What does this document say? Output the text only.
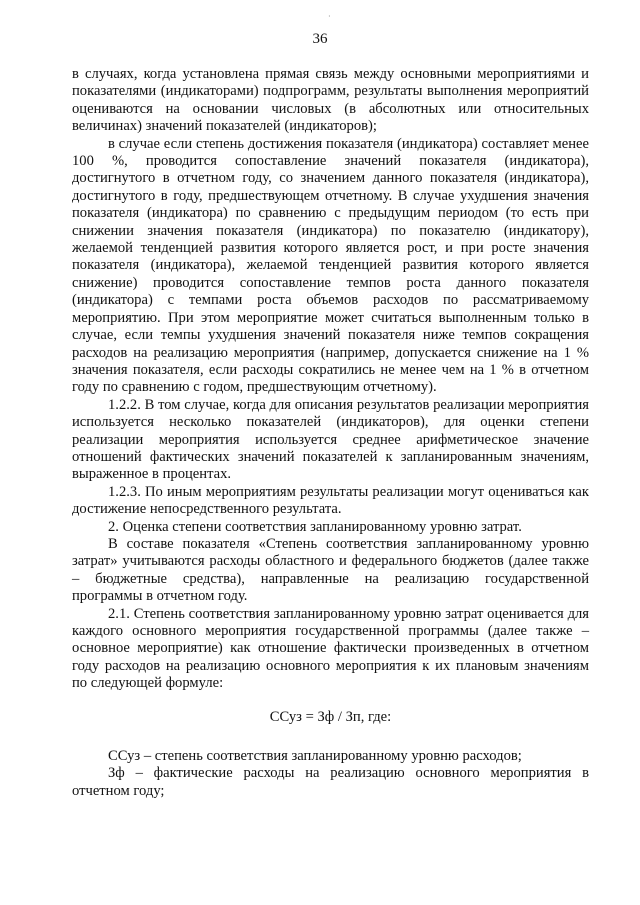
·
36

в случаях, когда установлена прямая связь между основными мероприятиями и показателями (индикаторами) подпрограмм, результаты выполнения мероприятий оцениваются на основании числовых (в абсолютных или относительных величинах) значений показателей (индикаторов);

в случае если степень достижения показателя (индикатора) составляет менее 100 %, проводится сопоставление значений показателя (индикатора), достигнутого в отчетном году, со значением данного показателя (индикатора), достигнутого в году, предшествующем отчетному. В случае ухудшения значения показателя (индикатора) по сравнению с предыдущим периодом (то есть при снижении значения показателя (индикатора) по показателю (индикатору), желаемой тенденцией развития которого является рост, и при росте значения показателя (индикатора), желаемой тенденцией развития которого является снижение) проводится сопоставление темпов роста данного показателя (индикатора) с темпами роста объемов расходов по рассматриваемому мероприятию. При этом мероприятие может считаться выполненным только в случае, если темпы ухудшения значений показателя ниже темпов сокращения расходов на реализацию мероприятия (например, допускается снижение на 1 % значения показателя, если расходы сократились не менее чем на 1 % в отчетном году по сравнению с годом, предшествующим отчетному).

1.2.2. В том случае, когда для описания результатов реализации мероприятия используется несколько показателей (индикаторов), для оценки степени реализации мероприятия используется среднее арифметическое значение отношений фактических значений показателей к запланированным значениям, выраженное в процентах.

1.2.3. По иным мероприятиям результаты реализации могут оцениваться как достижение непосредственного результата.

2. Оценка степени соответствия запланированному уровню затрат.

В составе показателя «Степень соответствия запланированному уровню затрат» учитываются расходы областного и федерального бюджетов (далее также – бюджетные средства), направленные на реализацию государственной программы в отчетном году.

2.1. Степень соответствия запланированному уровню затрат оценивается для каждого основного мероприятия государственной программы (далее также – основное мероприятие) как отношение фактически произведенных в отчетном году расходов на реализацию основного мероприятия к их плановым значениям по следующей формуле:

ССуз = Зф / Зп, где:

ССуз – степень соответствия запланированному уровню расходов;

Зф – фактические расходы на реализацию основного мероприятия в отчетном году;
